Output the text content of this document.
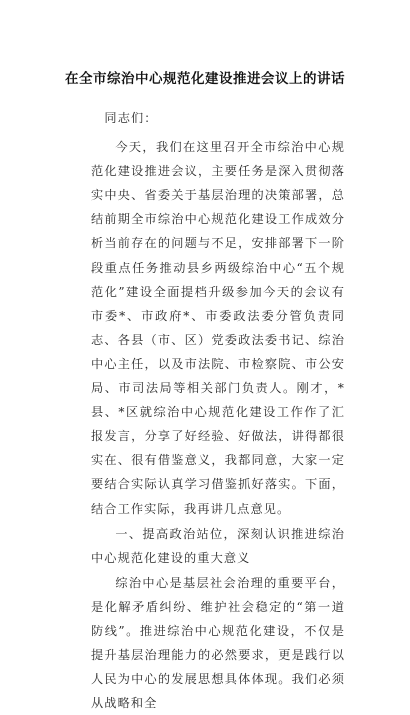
在全市综治中心规范化建设推进会议上的讲话

同志们：

今天，我们在这里召开全市综治中心规范化建设推进会议，主要任务是深入贯彻落实中央、省委关于基层治理的决策部署，总结前期全市综治中心规范化建设工作成效分析当前存在的问题与不足，安排部署下一阶段重点任务推动县乡两级综治中心“五个规范化”建设全面提档升级参加今天的会议有市委*、市政府*、市委政法委分管负责同志、各县（市、区）党委政法委书记、综治中心主任，以及市法院、市检察院、市公安局、市司法局等相关部门负责人。刚才，*县、*区就综治中心规范化建设工作作了汇报发言，分享了好经验、好做法，讲得都很实在、很有借鉴意义，我都同意，大家一定要结合实际认真学习借鉴抓好落实。下面，结合工作实际，我再讲几点意见。

一、提高政治站位，深刻认识推进综治中心规范化建设的重大意义

综治中心是基层社会治理的重要平台，是化解矛盾纠纷、维护社会稳定的“第一道防线”。推进综治中心规范化建设，不仅是提升基层治理能力的必然要求，更是践行以人民为中心的发展思想具体体现。我们必须从战略和全
